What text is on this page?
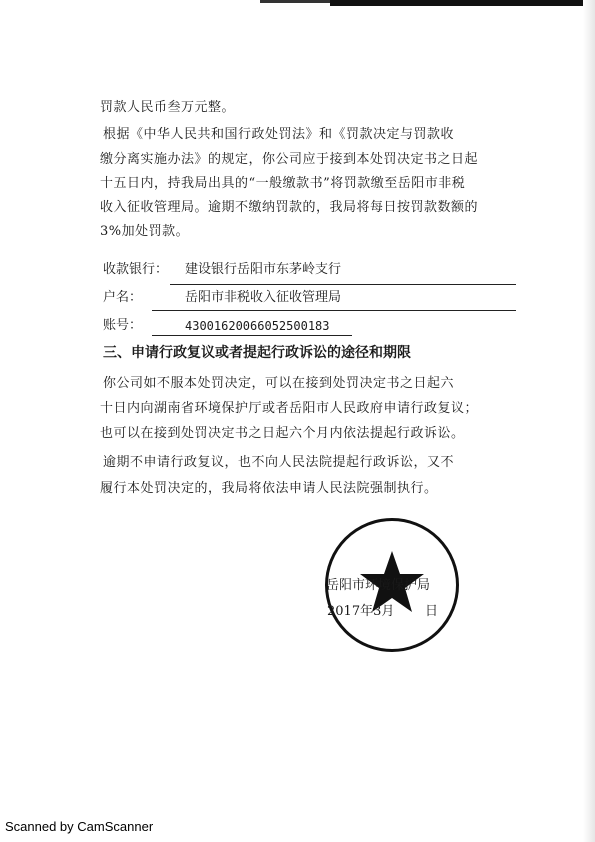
罚款人民币叁万元整。
根据《中华人民共和国行政处罚法》和《罚款决定与罚款收
缴分离实施办法》的规定，你公司应于接到本处罚决定书之日起
十五日内，持我局出具的“一般缴款书”将罚款缴至岳阳市非税
收入征收管理局。逾期不缴纳罚款的，我局将每日按罚款数额的
3%加处罚款。
收款银行： 建设银行岳阳市东茅岭支行
户名：	岳阳市非税收入征收管理局
账号：	43001620066052500183
三、申请行政复议或者提起行政诉讼的途径和期限
你公司如不服本处罚决定，可以在接到处罚决定书之日起六
十日内向湖南省环境保护厅或者岳阳市人民政府申请行政复议；
也可以在接到处罚决定书之日起六个月内依法提起行政诉讼。
逾期不申请行政复议，也不向人民法院提起行政诉讼，又不
履行本处罚决定的，我局将依法申请人民法院强制执行。
岳阳市环境保护局
2017年3月 日
Scanned by CamScanner
